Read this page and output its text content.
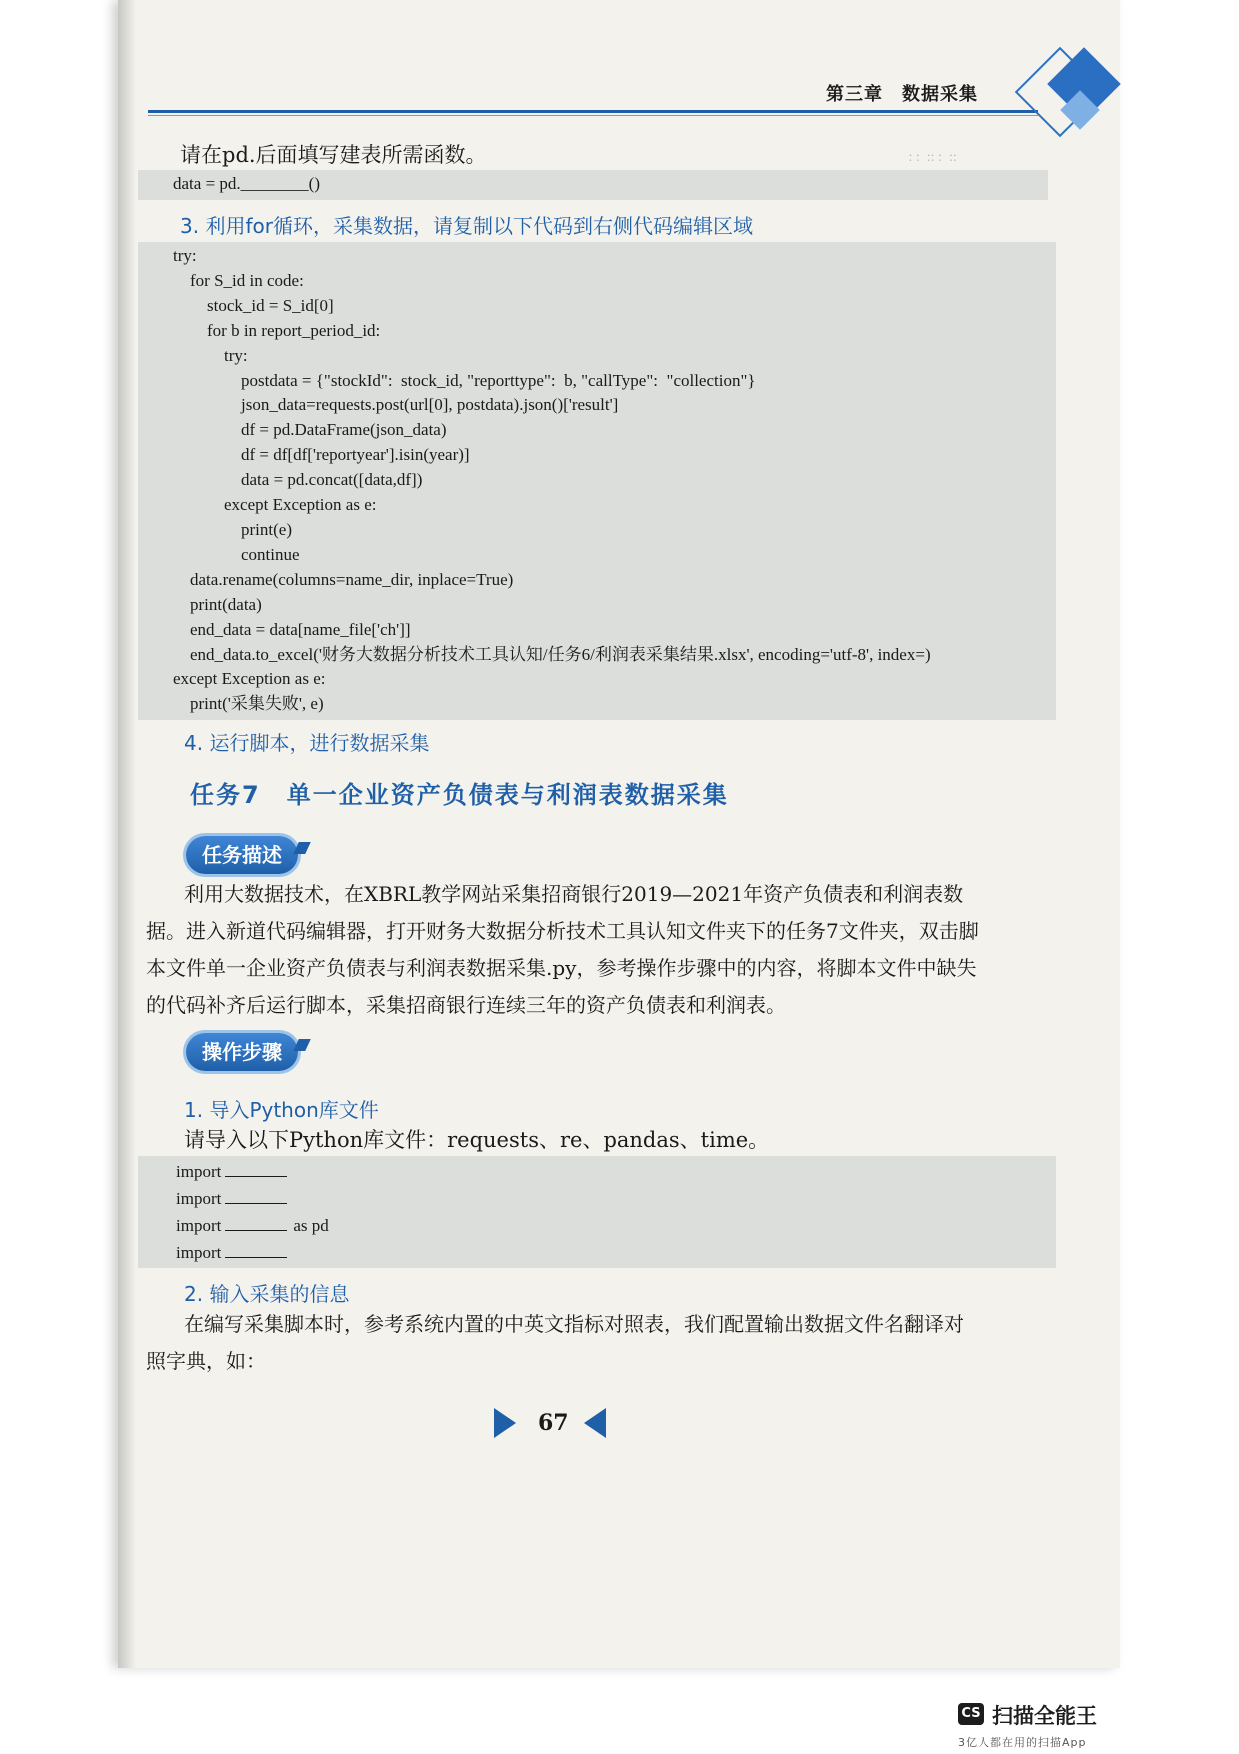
: :  :: :  ::

第三章　数据采集
请在pd.后面填写建表所需函数。
data = pd.________()
3. 利用for循环，采集数据，请复制以下代码到右侧代码编辑区域
try:
for S_id in code:
stock_id = S_id[0]
for b in report_period_id:
try:
postdata = {"stockId":  stock_id, "reporttype":  b, "callType":  "collection"}
json_data=requests.post(url[0], postdata).json()['result']
df = pd.DataFrame(json_data)
df = df[df['reportyear'].isin(year)]
data = pd.concat([data,df])
except Exception as e:
print(e)
continue
data.rename(columns=name_dir, inplace=True)
print(data)
end_data = data[name_file['ch']]
end_data.to_excel('财务大数据分析技术工具认知/任务6/利润表采集结果.xlsx', encoding='utf-8', index=)
except Exception as e:
print('采集失败', e)
4. 运行脚本，进行数据采集
任务7　单一企业资产负债表与利润表数据采集
任务描述
利用大数据技术，在XBRL教学网站采集招商银行2019—2021年资产负债表和利润表数
据。进入新道代码编辑器，打开财务大数据分析技术工具认知文件夹下的任务7文件夹，双击脚
本文件单一企业资产负债表与利润表数据采集.py，参考操作步骤中的内容，将脚本文件中缺失
的代码补齐后运行脚本，采集招商银行连续三年的资产负债表和利润表。
操作步骤
1. 导入Python库文件
请导入以下Python库文件：requests、re、pandas、time。
import
import
import	as pd
import
2. 输入采集的信息
在编写采集脚本时，参考系统内置的中英文指标对照表，我们配置输出数据文件名翻译对
照字典，如：
67
CS 扫描全能王
3亿人都在用的扫描App
